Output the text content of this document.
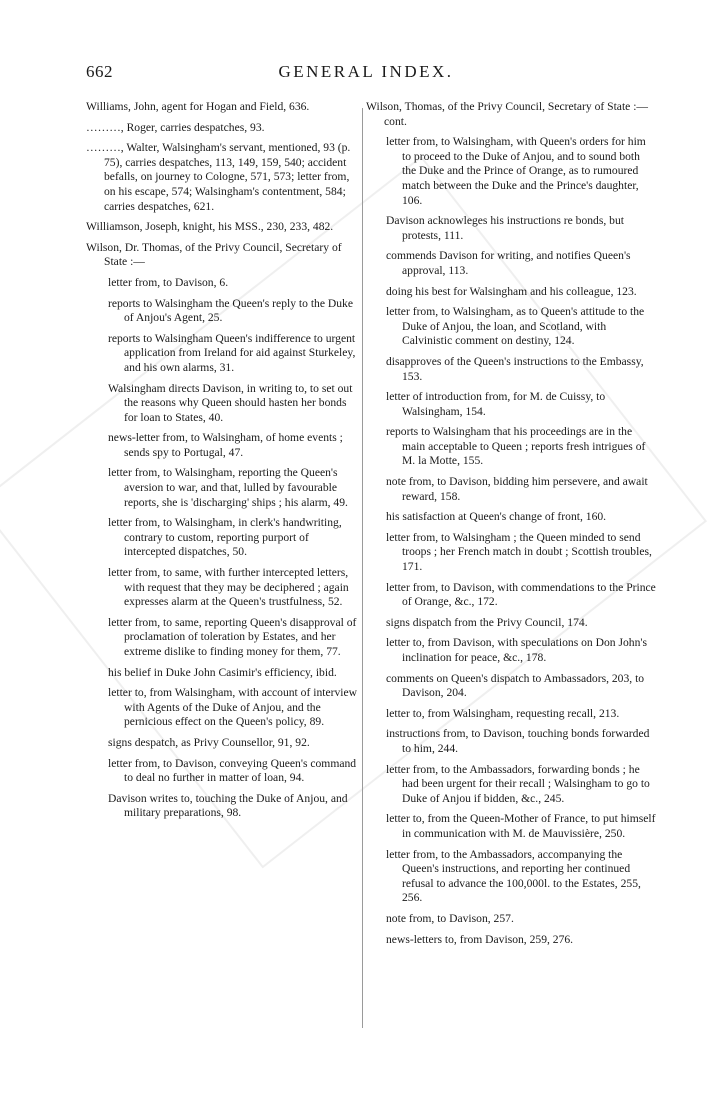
662	GENERAL INDEX.
Williams, John, agent for Hogan and Field, 636.
………, Roger, carries despatches, 93.
………, Walter, Walsingham's servant, mentioned, 93 (p. 75), carries despatches, 113, 149, 159, 540; accident befalls, on journey to Cologne, 571, 573; letter from, on his escape, 574; Walsingham's contentment, 584; carries despatches, 621.
Williamson, Joseph, knight, his MSS., 230, 233, 482.
Wilson, Dr. Thomas, of the Privy Council, Secretary of State :—
letter from, to Davison, 6.
reports to Walsingham the Queen's reply to the Duke of Anjou's Agent, 25.
reports to Walsingham Queen's indifference to urgent application from Ireland for aid against Sturkeley, and his own alarms, 31.
Walsingham directs Davison, in writing to, to set out the reasons why Queen should hasten her bonds for loan to States, 40.
news-letter from, to Walsingham, of home events ; sends spy to Portugal, 47.
letter from, to Walsingham, reporting the Queen's aversion to war, and that, lulled by favourable reports, she is 'discharging' ships ; his alarm, 49.
letter from, to Walsingham, in clerk's handwriting, contrary to custom, reporting purport of intercepted dispatches, 50.
letter from, to same, with further intercepted letters, with request that they may be deciphered ; again expresses alarm at the Queen's trustfulness, 52.
letter from, to same, reporting Queen's disapproval of proclamation of toleration by Estates, and her extreme dislike to finding money for them, 77.
his belief in Duke John Casimir's efficiency, ibid.
letter to, from Walsingham, with account of interview with Agents of the Duke of Anjou, and the pernicious effect on the Queen's policy, 89.
signs despatch, as Privy Counsellor, 91, 92.
letter from, to Davison, conveying Queen's command to deal no further in matter of loan, 94.
Davison writes to, touching the Duke of Anjou, and military preparations, 98.
Wilson, Thomas, of the Privy Council, Secretary of State :—cont.
letter from, to Walsingham, with Queen's orders for him to proceed to the Duke of Anjou, and to sound both the Duke and the Prince of Orange, as to rumoured match between the Duke and the Prince's daughter, 106.
Davison acknowleges his instructions re bonds, but protests, 111.
commends Davison for writing, and notifies Queen's approval, 113.
doing his best for Walsingham and his colleague, 123.
letter from, to Walsingham, as to Queen's attitude to the Duke of Anjou, the loan, and Scotland, with Calvinistic comment on destiny, 124.
disapproves of the Queen's instructions to the Embassy, 153.
letter of introduction from, for M. de Cuissy, to Walsingham, 154.
reports to Walsingham that his proceedings are in the main acceptable to Queen ; reports fresh intrigues of M. la Motte, 155.
note from, to Davison, bidding him persevere, and await reward, 158.
his satisfaction at Queen's change of front, 160.
letter from, to Walsingham ; the Queen minded to send troops ; her French match in doubt ; Scottish troubles, 171.
letter from, to Davison, with commendations to the Prince of Orange, &c., 172.
signs dispatch from the Privy Council, 174.
letter to, from Davison, with speculations on Don John's inclination for peace, &c., 178.
comments on Queen's dispatch to Ambassadors, 203, to Davison, 204.
letter to, from Walsingham, requesting recall, 213.
instructions from, to Davison, touching bonds forwarded to him, 244.
letter from, to the Ambassadors, forwarding bonds ; he had been urgent for their recall ; Walsingham to go to Duke of Anjou if bidden, &c., 245.
letter to, from the Queen-Mother of France, to put himself in communication with M. de Mauvissière, 250.
letter from, to the Ambassadors, accompanying the Queen's instructions, and reporting her continued refusal to advance the 100,000l. to the Estates, 255, 256.
note from, to Davison, 257.
news-letters to, from Davison, 259, 276.
